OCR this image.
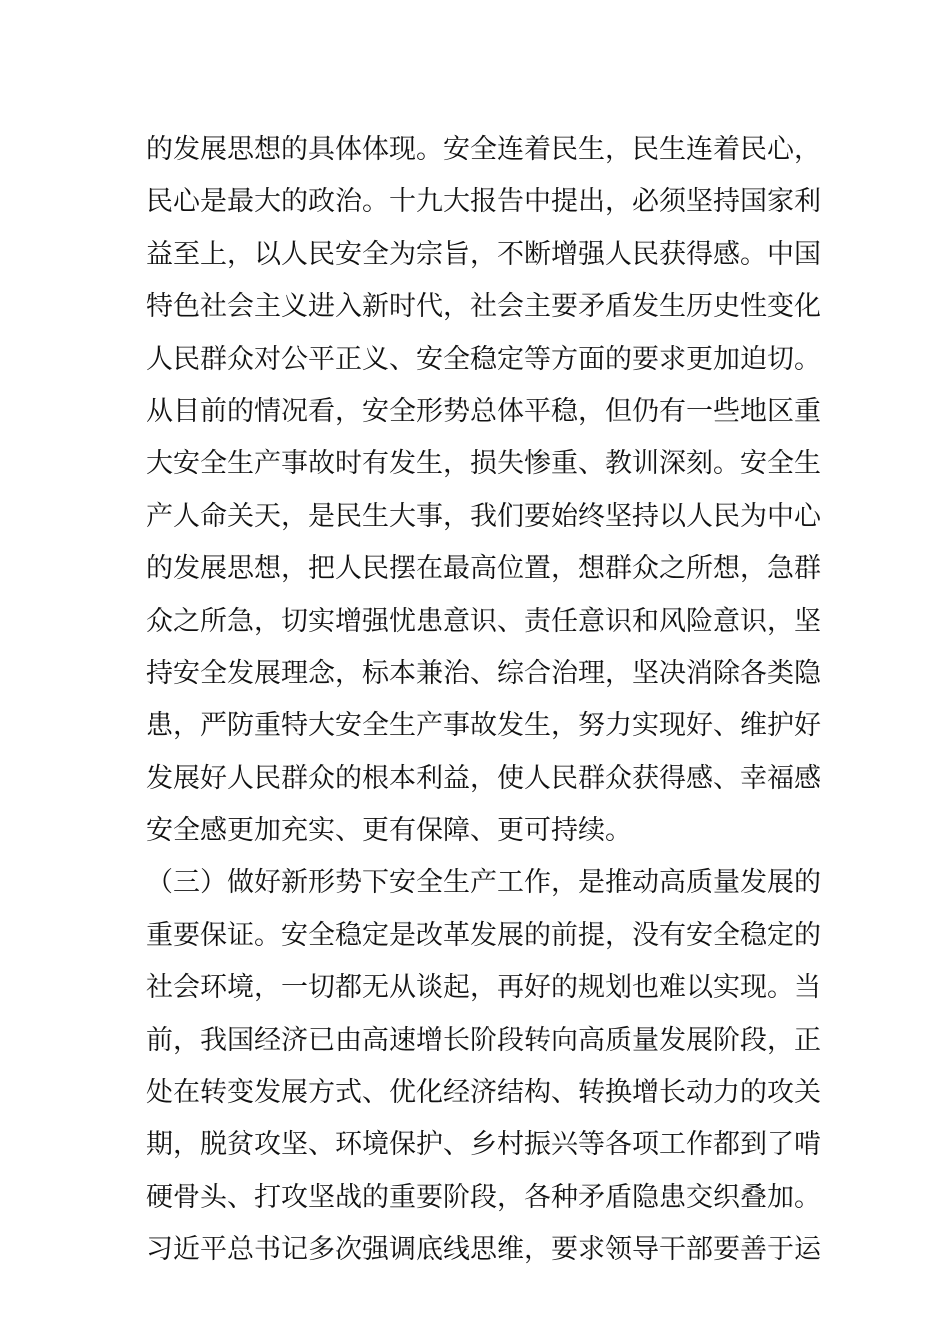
的发展思想的具体体现。安全连着民生，民生连着民心，
民心是最大的政治。十九大报告中提出，必须坚持国家利
益至上，以人民安全为宗旨，不断增强人民获得感。中国
特色社会主义进入新时代，社会主要矛盾发生历史性变化
人民群众对公平正义、安全稳定等方面的要求更加迫切。
从目前的情况看，安全形势总体平稳，但仍有一些地区重
大安全生产事故时有发生，损失惨重、教训深刻。安全生
产人命关天，是民生大事，我们要始终坚持以人民为中心
的发展思想，把人民摆在最高位置，想群众之所想，急群
众之所急，切实增强忧患意识、责任意识和风险意识，坚
持安全发展理念，标本兼治、综合治理，坚决消除各类隐
患，严防重特大安全生产事故发生，努力实现好、维护好
发展好人民群众的根本利益，使人民群众获得感、幸福感
安全感更加充实、更有保障、更可持续。
（三）做好新形势下安全生产工作，是推动高质量发展的
重要保证。安全稳定是改革发展的前提，没有安全稳定的
社会环境，一切都无从谈起，再好的规划也难以实现。当
前，我国经济已由高速增长阶段转向高质量发展阶段，正
处在转变发展方式、优化经济结构、转换增长动力的攻关
期，脱贫攻坚、环境保护、乡村振兴等各项工作都到了啃
硬骨头、打攻坚战的重要阶段，各种矛盾隐患交织叠加。
习近平总书记多次强调底线思维，要求领导干部要善于运
